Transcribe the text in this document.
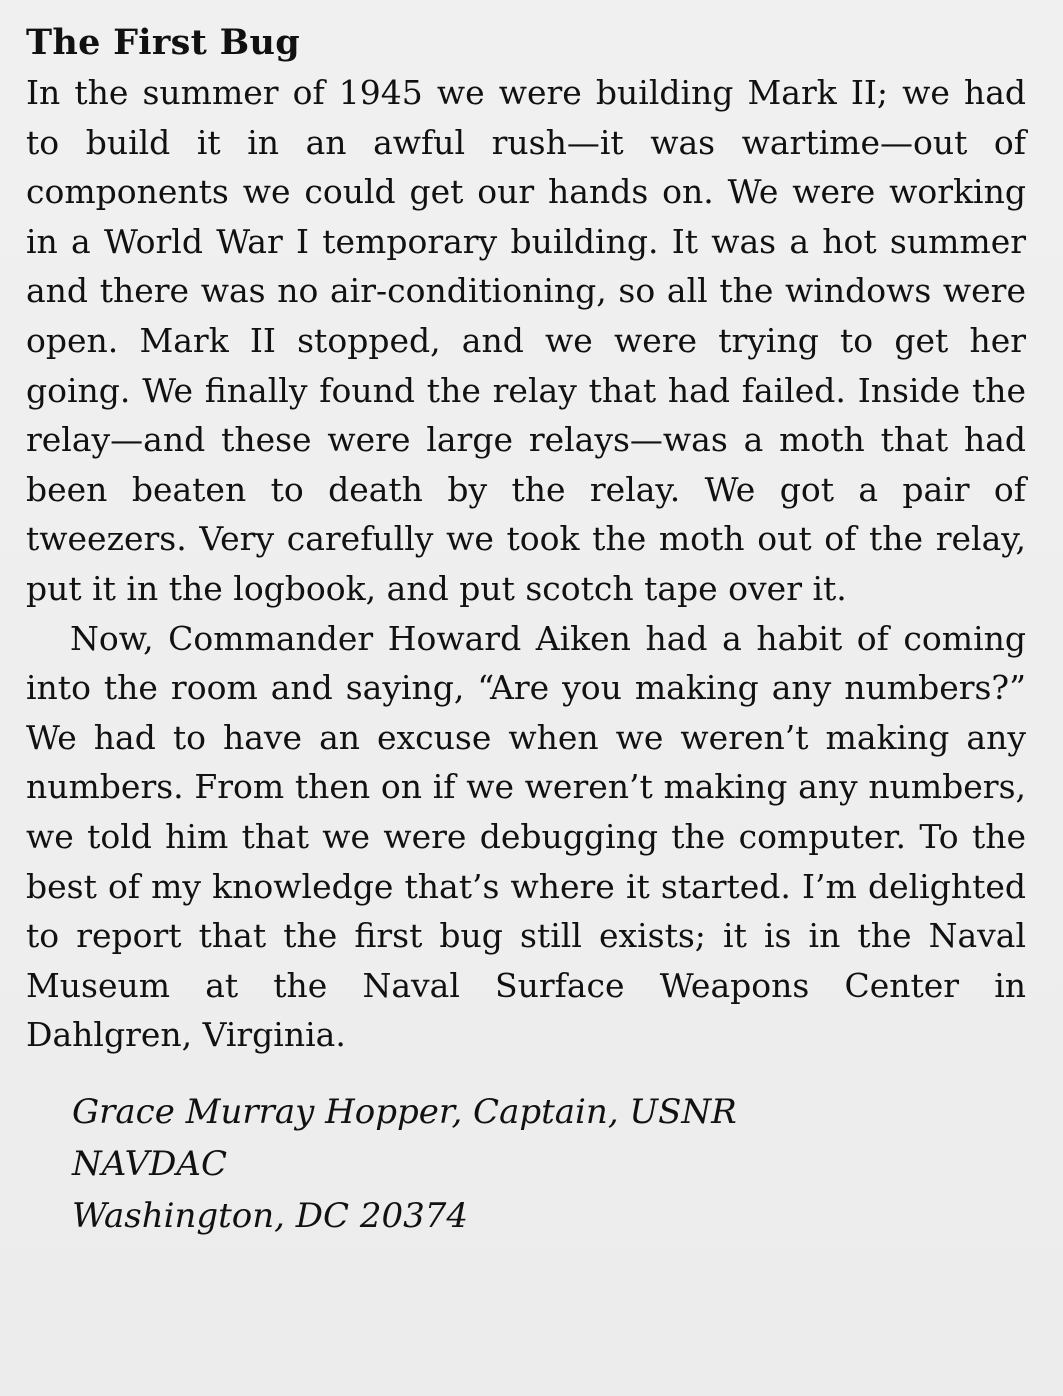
The First Bug

In the summer of 1945 we were building Mark II; we had to build it in an awful rush—it was wartime—out of components we could get our hands on. We were working in a World War I temporary building. It was a hot summer and there was no air-conditioning, so all the windows were open. Mark II stopped, and we were trying to get her going. We finally found the relay that had failed. Inside the relay—and these were large relays—was a moth that had been beaten to death by the relay. We got a pair of tweezers. Very carefully we took the moth out of the relay, put it in the logbook, and put scotch tape over it.

Now, Commander Howard Aiken had a habit of coming into the room and saying, “Are you making any numbers?” We had to have an excuse when we weren’t making any numbers. From then on if we weren’t making any numbers, we told him that we were debugging the computer. To the best of my knowledge that’s where it started. I’m delighted to report that the first bug still exists; it is in the Naval Museum at the Naval Surface Weapons Center in Dahlgren, Virginia.

Grace Murray Hopper, Captain, USNR

NAVDAC

Washington, DC 20374
